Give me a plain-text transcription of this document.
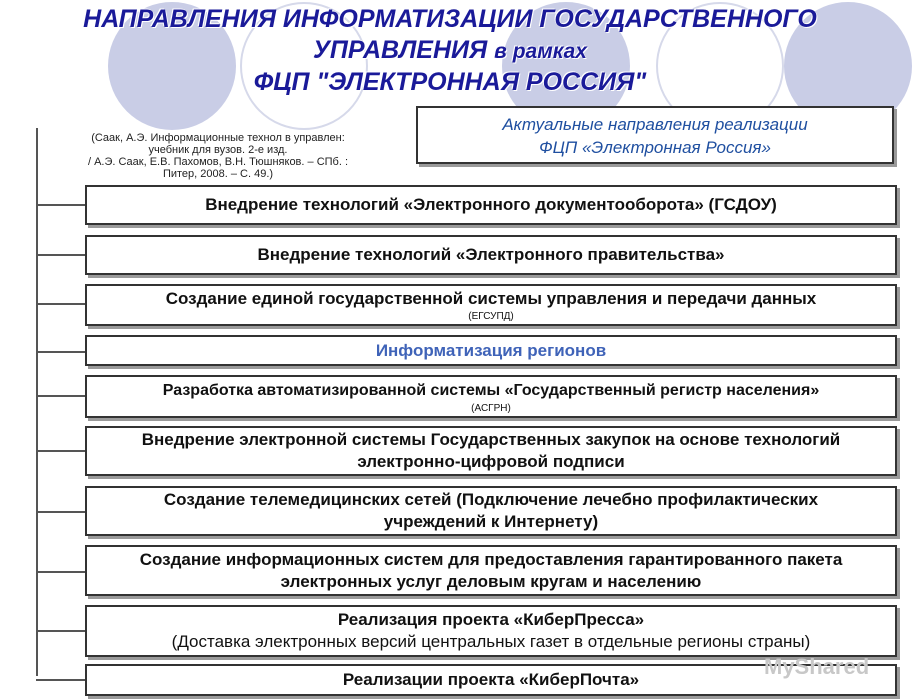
НАПРАВЛЕНИЯ ИНФОРМАТИЗАЦИИ ГОСУДАРСТВЕННОГО
УПРАВЛЕНИЯ в рамках
ФЦП "ЭЛЕКТРОННАЯ РОССИЯ"
(Саак, А.Э. Информационные технол в управлен:
учебник для вузов. 2-е изд.
/ А.Э. Саак, Е.В. Пахомов, В.Н. Тюшняков. – СПб. :
Питер, 2008. – С. 49.)
Актуальные направления реализации
ФЦП «Электронная Россия»
Внедрение технологий «Электронного документооборота» (ГСДОУ)
Внедрение технологий «Электронного правительства»
Создание единой государственной системы управления и передачи данных
(ЕГСУПД)
Информатизация регионов
Разработка автоматизированной системы «Государственный регистр населения»
(АСГРН)
Внедрение электронной системы Государственных закупок на основе технологий
электронно-цифровой подписи
Создание телемедицинских сетей (Подключение лечебно профилактических
учреждений к Интернету)
Создание информационных систем для предоставления гарантированного пакета
электронных услуг деловым кругам и населению
Реализация проекта «КиберПресса»
(Доставка электронных версий центральных газет в отдельные регионы страны)
Реализации проекта «КиберПочта»
MyShared
